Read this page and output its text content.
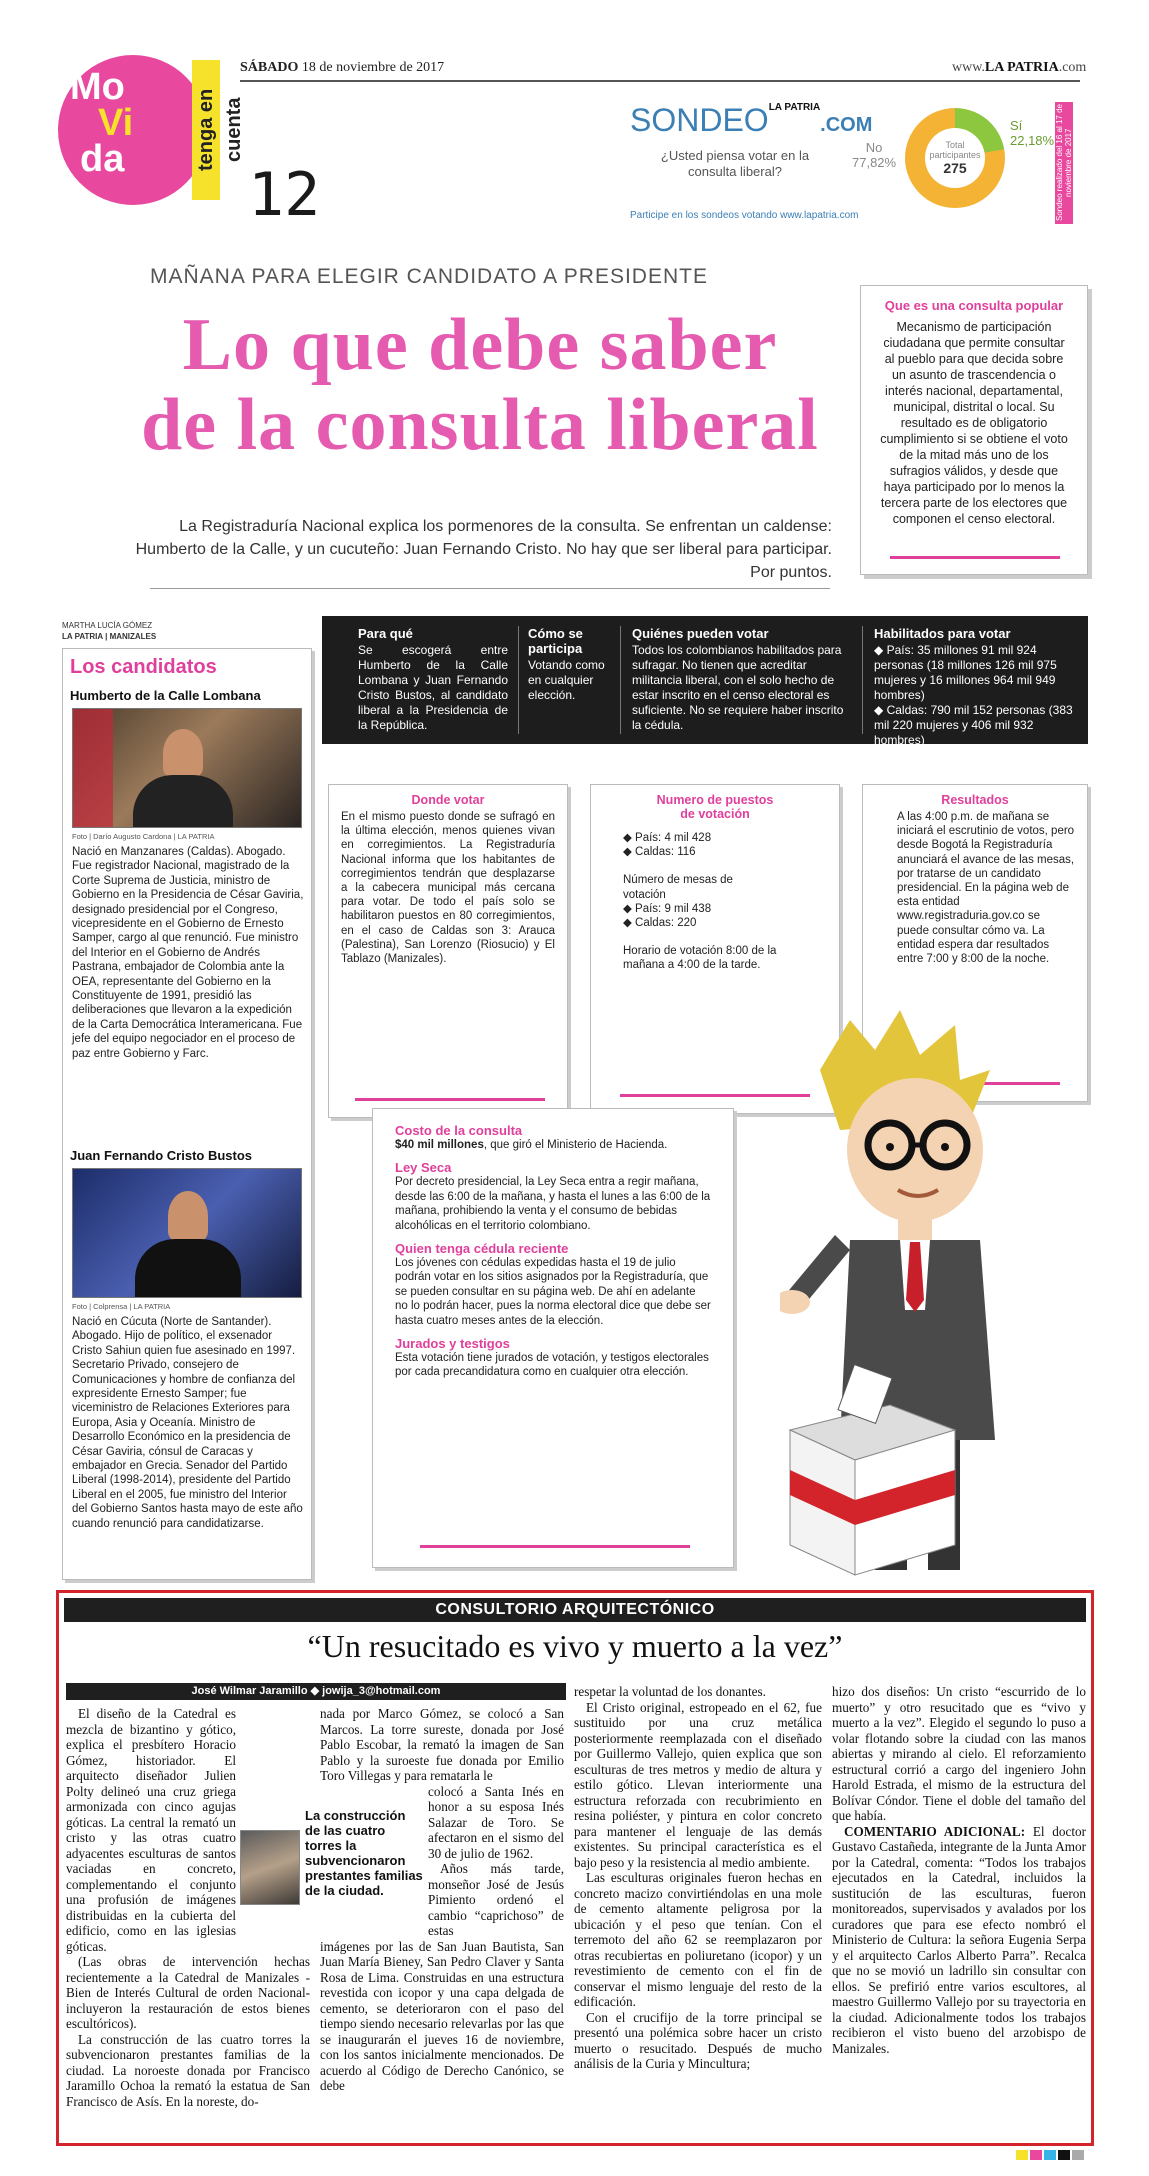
Mo
Vi
da	tenga en cuenta
12
SÁBADO 18 de noviembre de 2017	www.LA PATRIA.com
$SONDEO^{LA PATRIA}.COM$
¿Usted piensa votar en la consulta liberal?
No
77,82%
Total participantes
275
Sí
22,18%
Participe en los sondeos votando www.lapatria.com	Sondeo realizado del 16 al 17 de noviembre de 2017
MAÑANA PARA ELEGIR CANDIDATO A PRESIDENTE
Lo que debe saber
de la consulta liberal
La Registraduría Nacional explica los pormenores de la consulta. Se enfrentan un caldense: Humberto de la Calle, y un cucuteño: Juan Fernando Cristo. No hay que ser liberal para participar. Por puntos.
Que es una consulta popular
Mecanismo de participación ciudadana que permite consultar al pueblo para que decida sobre un asunto de trascendencia o interés nacional, departamental, municipal, distrital o local. Su resultado es de obligatorio cumplimiento si se obtiene el voto de la mitad más uno de los sufragios válidos, y desde que haya participado por lo menos la tercera parte de los electores que componen el censo electoral.
MARTHA LUCÍA GÓMEZ
LA PATRIA | MANIZALES
Los candidatos
Humberto de la Calle Lombana
Foto | Darío Augusto Cardona | LA PATRIA
Nació en Manzanares (Caldas). Abogado. Fue registrador Nacional, magistrado de la Corte Suprema de Justicia, ministro de Gobierno en la Presidencia de César Gaviria, designado presidencial por el Congreso, vicepresidente en el Gobierno de Ernesto Samper, cargo al que renunció. Fue ministro del Interior en el Gobierno de Andrés Pastrana, embajador de Colombia ante la OEA, representante del Gobierno en la Constituyente de 1991, presidió las deliberaciones que llevaron a la expedición de la Carta Democrática Interamericana. Fue jefe del equipo negociador en el proceso de paz entre Gobierno y Farc.
Juan Fernando Cristo Bustos
Foto | Colprensa | LA PATRIA
Nació en Cúcuta (Norte de Santander). Abogado. Hijo de político, el exsenador Cristo Sahiun quien fue asesinado en 1997. Secretario Privado, consejero de Comunicaciones y hombre de confianza del expresidente Ernesto Samper; fue viceministro de Relaciones Exteriores para Europa, Asia y Oceanía. Ministro de Desarrollo Económico en la presidencia de César Gaviria, cónsul de Caracas y embajador en Grecia. Senador del Partido Liberal (1998-2014), presidente del Partido Liberal en el 2005, fue ministro del Interior del Gobierno Santos hasta mayo de este año cuando renunció para candidatizarse.
Para qué
Se escogerá entre Humberto de la Calle Lombana y Juan Fernando Cristo Bustos, al candidato liberal a la Presidencia de la República.
Cómo se participa
Votando como en cualquier elección.
Quiénes pueden votar
Todos los colombianos habilitados para sufragar. No tienen que acreditar militancia liberal, con el solo hecho de estar inscrito en el censo electoral es suficiente. No se requiere haber inscrito la cédula.
Habilitados para votar
◆ País: 35 millones 91 mil 924 personas (18 millones 126 mil 975 mujeres y 16 millones 964 mil 949 hombres)
◆ Caldas: 790 mil 152 personas (383 mil 220 mujeres y 406 mil 932 hombres)
Donde votar
En el mismo puesto donde se sufragó en la última elección, menos quienes vivan en corregimientos. La Registraduría Nacional informa que los habitantes de corregimientos tendrán que desplazarse a la cabecera municipal más cercana para votar. De todo el país solo se habilitaron puestos en 80 corregimientos, en el caso de Caldas son 3: Arauca (Palestina), San Lorenzo (Riosucio) y El Tablazo (Manizales).
Numero de puestos de votación
◆ País: 4 mil 428
◆ Caldas: 116
Número de mesas de votación
◆ País: 9 mil 438
◆ Caldas: 220
Horario de votación 8:00 de la mañana a 4:00 de la tarde.
Resultados
A las 4:00 p.m. de mañana se iniciará el escrutinio de votos, pero desde Bogotá la Registraduría anunciará el avance de las mesas, por tratarse de un candidato presidencial. En la página web de esta entidad www.registraduria.gov.co se puede consultar cómo va. La entidad espera dar resultados entre 7:00 y 8:00 de la noche.
Costo de la consulta
$40 mil millones, que giró el Ministerio de Hacienda.
Ley Seca
Por decreto presidencial, la Ley Seca entra a regir mañana, desde las 6:00 de la mañana, y hasta el lunes a las 6:00 de la mañana, prohibiendo la venta y el consumo de bebidas alcohólicas en el territorio colombiano.
Quien tenga cédula reciente
Los jóvenes con cédulas expedidas hasta el 19 de julio podrán votar en los sitios asignados por la Registraduría, que se pueden consultar en su página web. De ahí en adelante no lo podrán hacer, pues la norma electoral dice que debe ser hasta cuatro meses antes de la elección.
Jurados y testigos
Esta votación tiene jurados de votación, y testigos electorales por cada precandidatura como en cualquier otra elección.
CONSULTORIO ARQUITECTÓNICO
“Un resucitado es vivo y muerto a la vez”
José Wilmar Jaramillo ◆ jowija_3@hotmail.com

El diseño de la Catedral es mezcla de bizantino y gótico, explica el presbítero Horacio Gómez, historiador. El arquitecto diseñador Julien Polty delineó una cruz griega armonizada con cinco agujas góticas. La central la remató un cristo y las otras cuatro adyacentes esculturas de santos vaciadas en concreto, complementando el conjunto una profusión de imágenes distribuidas en la cubierta del edificio, como en las iglesias góticas.

(Las obras de intervención hechas recientemente a la Catedral de Manizales -Bien de Interés Cultural de orden Nacional- incluyeron la restauración de estos bienes escultóricos).

La construcción de las cuatro torres la subvencionaron prestantes familias de la ciudad. La noroeste donada por Francisco Jaramillo Ochoa la remató la estatua de San Francisco de Asís. En la noreste, do-

La construcción de las cuatro torres la subvencionaron prestantes familias de la ciudad.

nada por Marco Gómez, se colocó a San Marcos. La torre sureste, donada por José Pablo Escobar, la remató la imagen de San Pablo y la suroeste fue donada por Emilio Toro Villegas y para rematarla le

colocó a Santa Inés en honor a su esposa Inés Salazar de Toro. Se afectaron en el sismo del 30 de julio de 1962.

Años más tarde, monseñor José de Jesús Pimiento ordenó el cambio “caprichoso” de estas

imágenes por las de San Juan Bautista, San Juan María Bieney, San Pedro Claver y Santa Rosa de Lima. Construidas en una estructura revestida con icopor y una capa delgada de cemento, se deterioraron con el paso del tiempo siendo necesario relevarlas por las que se inaugurarán el jueves 16 de noviembre, con los santos inicialmente mencionados. De acuerdo al Código de Derecho Canónico, se debe

respetar la voluntad de los donantes.

El Cristo original, estropeado en el 62, fue sustituido por una cruz metálica posteriormente reemplazada con el diseñado por Guillermo Vallejo, quien explica que son esculturas de tres metros y medio de altura y estilo gótico. Llevan interiormente una estructura reforzada con recubrimiento en resina poliéster, y pintura en color concreto para mantener el lenguaje de las demás existentes. Su principal característica es el bajo peso y la resistencia al medio ambiente.

Las esculturas originales fueron hechas en concreto macizo convirtiéndolas en una mole de cemento altamente peligrosa por la ubicación y el peso que tenían. Con el terremoto del año 62 se reemplazaron por otras recubiertas en poliuretano (icopor) y un revestimiento de cemento con el fin de conservar el mismo lenguaje del resto de la edificación.

Con el crucifijo de la torre principal se presentó una polémica sobre hacer un cristo muerto o resucitado. Después de mucho análisis de la Curia y Mincultura;

hizo dos diseños: Un cristo “escurrido de lo muerto” y otro resucitado que es “vivo y muerto a la vez”. Elegido el segundo lo puso a volar flotando sobre la ciudad con las manos abiertas y mirando al cielo. El reforzamiento estructural corrió a cargo del ingeniero John Harold Estrada, el mismo de la estructura del Bolívar Cóndor. Tiene el doble del tamaño del que había.

COMENTARIO ADICIONAL: El doctor Gustavo Castañeda, integrante de la Junta Amor por la Catedral, comenta: “Todos los trabajos ejecutados en la Catedral, incluidos la sustitución de las esculturas, fueron monitoreados, supervisados y avalados por los curadores que para ese efecto nombró el Ministerio de Cultura: la señora Eugenia Serpa y el arquitecto Carlos Alberto Parra”. Recalca que no se movió un ladrillo sin consultar con ellos. Se prefirió entre varios escultores, al maestro Guillermo Vallejo por su trayectoria en la ciudad. Adicionalmente todos los trabajos recibieron el visto bueno del arzobispo de Manizales.
